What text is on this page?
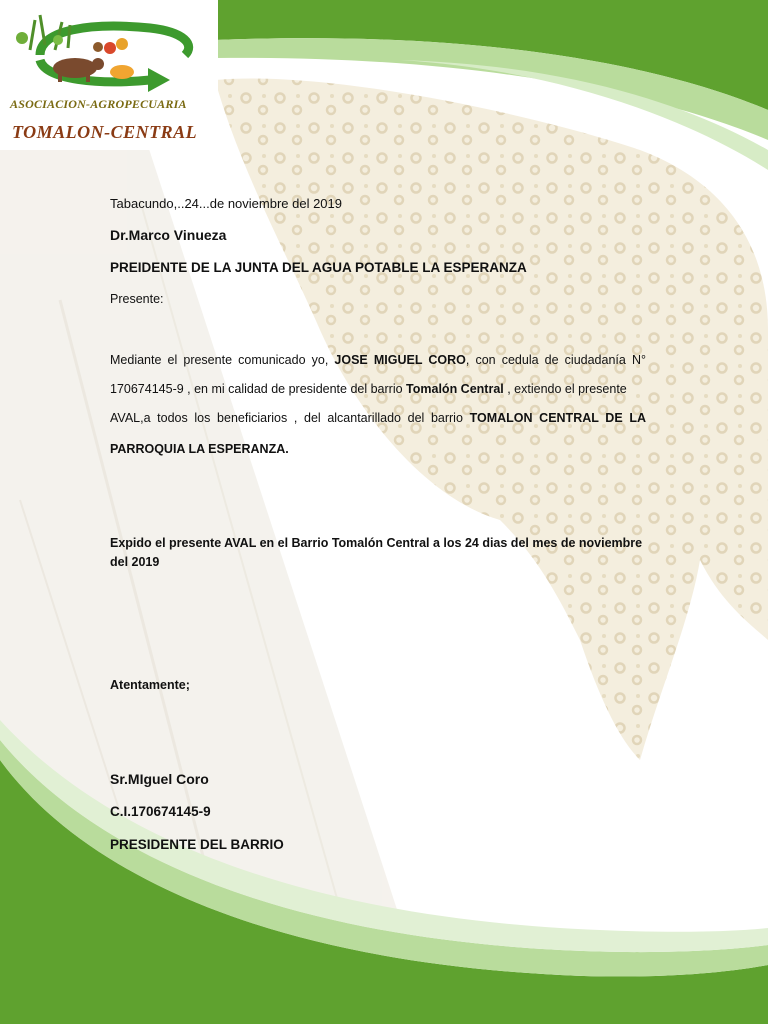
ASOCIACION-AGROPECUARIA
TOMALON-CENTRAL
Tabacundo,..24...de noviembre del 2019
Dr.Marco Vinueza
PREIDENTE DE LA JUNTA DEL AGUA POTABLE LA ESPERANZA
Presente:
Mediante el presente comunicado yo, JOSE MIGUEL CORO, con cedula de ciudadanía N°
170674145-9 , en mi calidad de presidente del barrio Tomalón Central , extiendo el presente
AVAL,a todos los beneficiarios , del alcantarillado del barrio TOMALON CENTRAL DE LA
PARROQUIA LA ESPERANZA.
Expido el presente AVAL en el Barrio Tomalón Central a los 24 dias del mes de noviembre del 2019
Atentamente;
Sr.MIguel Coro
C.I.170674145-9
PRESIDENTE DEL BARRIO
